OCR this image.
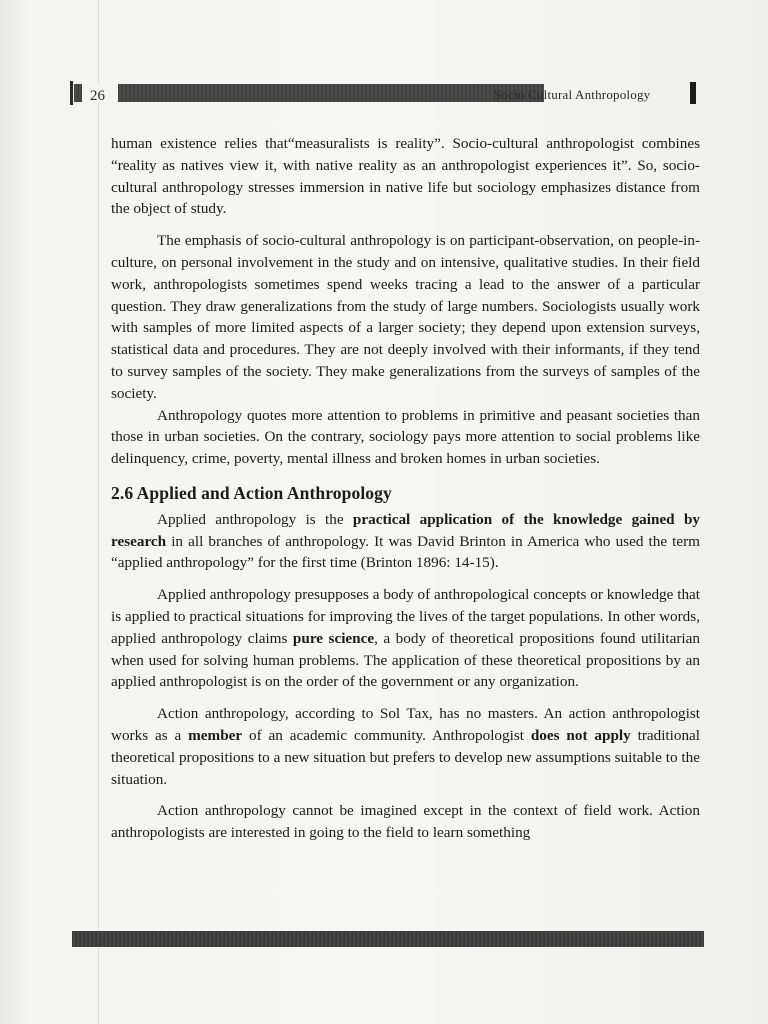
26	Socio Cultural Anthropology

human existence relies that“measuralists is reality”. Socio-cultural anthropologist combines “reality as natives view it, with native reality as an anthropologist experiences it”. So, socio-cultural anthropology stresses immersion in native life but sociology emphasizes distance from the object of study.

The emphasis of socio-cultural anthropology is on participant-observation, on people-in-culture, on personal involvement in the study and on intensive, qualitative studies. In their field work, anthropologists sometimes spend weeks tracing a lead to the answer of a particular question. They draw generalizations from the study of large numbers. Sociologists usually work with samples of more limited aspects of a larger society; they depend upon extension surveys, statistical data and procedures. They are not deeply involved with their informants, if they tend to survey samples of the society. They make generalizations from the surveys of samples of the society.

Anthropology quotes more attention to problems in primitive and peasant societies than those in urban societies. On the contrary, sociology pays more attention to social problems like delinquency, crime, poverty, mental illness and broken homes in urban societies.

2.6 Applied and Action Anthropology

Applied anthropology is the practical application of the knowledge gained by research in all branches of anthropology. It was David Brinton in America who used the term “applied anthropology” for the first time (Brinton 1896: 14-15).

Applied anthropology presupposes a body of anthropological concepts or knowledge that is applied to practical situations for improving the lives of the target populations. In other words, applied anthropology claims pure science, a body of theoretical propositions found utilitarian when used for solving human problems. The application of these theoretical propositions by an applied anthropologist is on the order of the government or any organization.

Action anthropology, according to Sol Tax, has no masters. An action anthropologist works as a member of an academic community. Anthropologist does not apply traditional theoretical propositions to a new situation but prefers to develop new assumptions suitable to the situation.

Action anthropology cannot be imagined except in the context of field work. Action anthropologists are interested in going to the field to learn something
